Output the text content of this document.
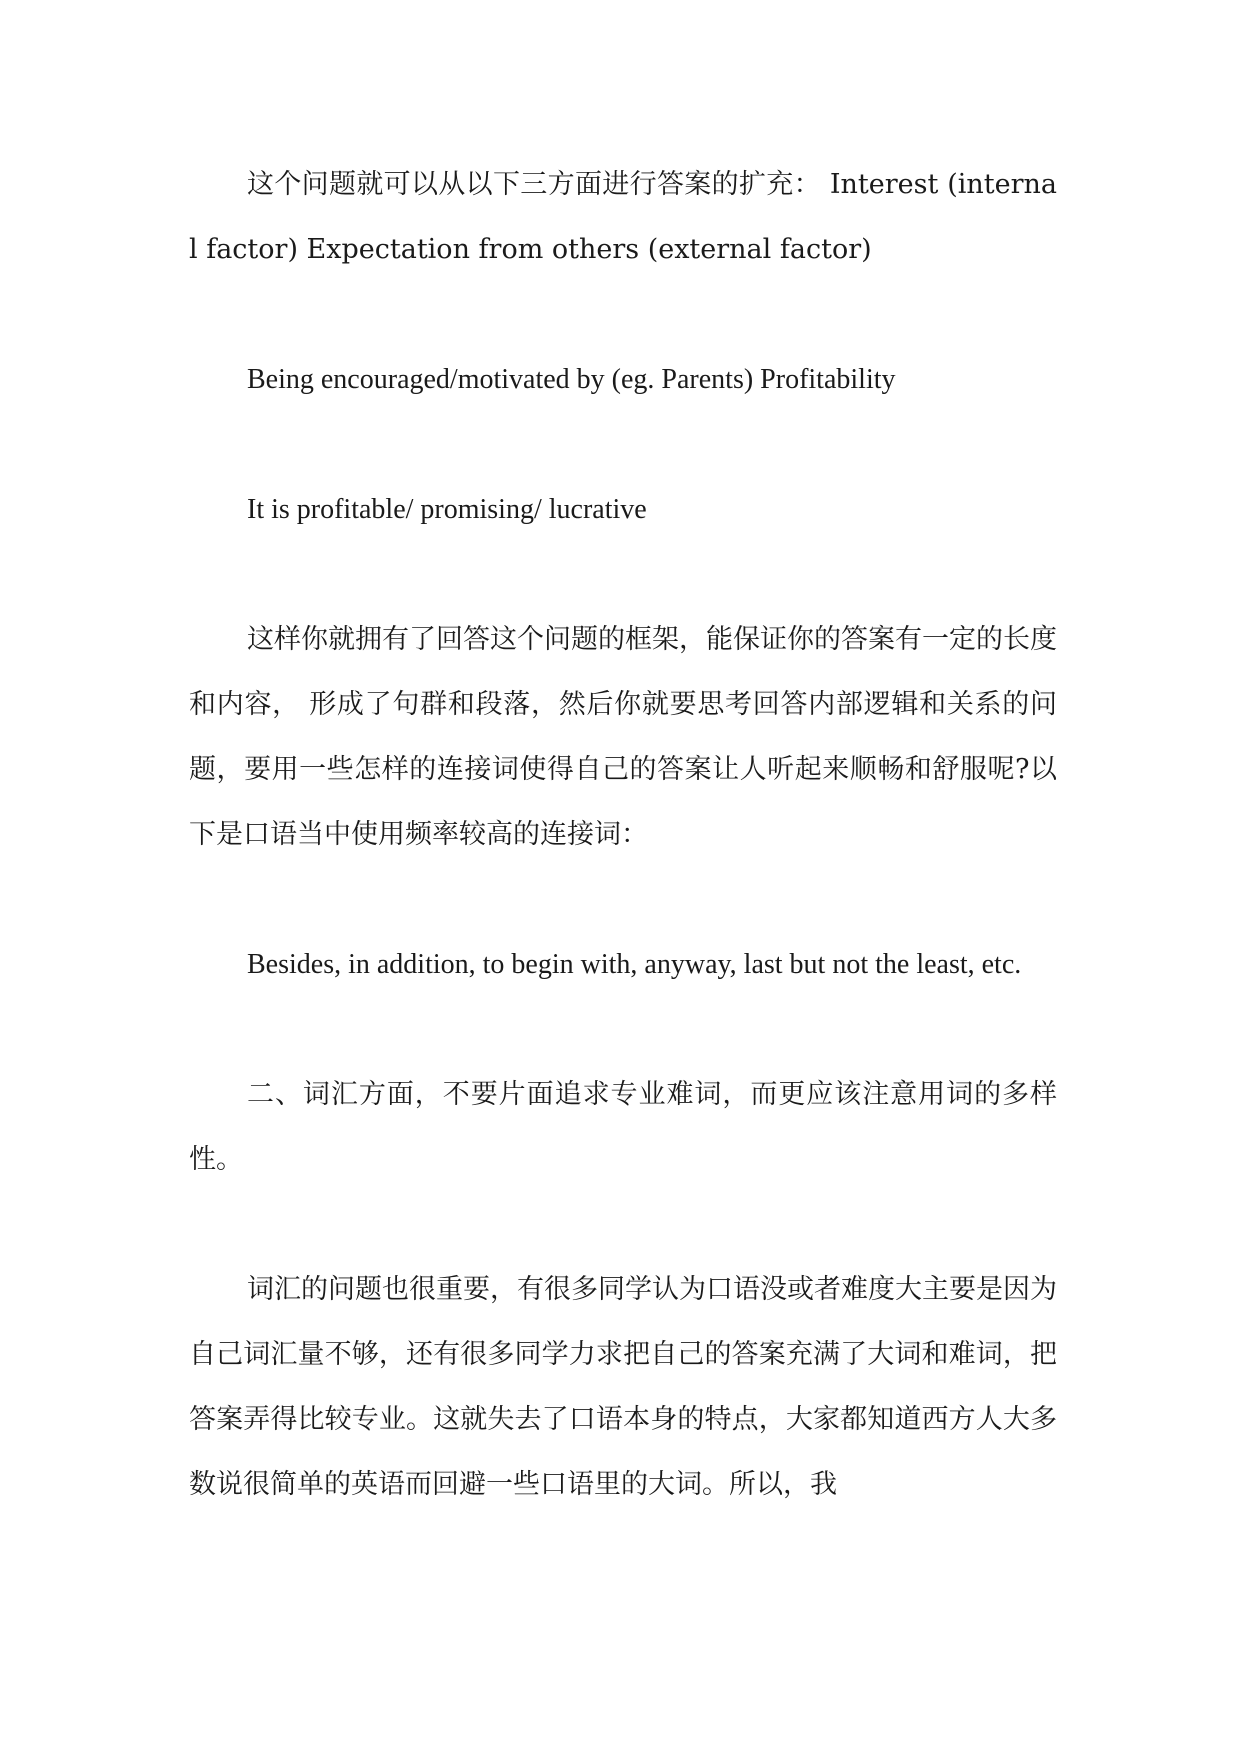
这个问题就可以从以下三方面进行答案的扩充： Interest (internal factor) Expectation from others (external factor)

Being encouraged/motivated by (eg. Parents) Profitability

It is profitable/ promising/ lucrative

这样你就拥有了回答这个问题的框架，能保证你的答案有一定的长度和内容， 形成了句群和段落，然后你就要思考回答内部逻辑和关系的问题，要用一些怎样的连接词使得自己的答案让人听起来顺畅和舒服呢?以下是口语当中使用频率较高的连接词：

Besides, in addition, to begin with, anyway, last but not the least, etc.

二、词汇方面，不要片面追求专业难词，而更应该注意用词的多样性。

词汇的问题也很重要，有很多同学认为口语没或者难度大主要是因为自己词汇量不够，还有很多同学力求把自己的答案充满了大词和难词，把答案弄得比较专业。这就失去了口语本身的特点，大家都知道西方人大多数说很简单的英语而回避一些口语里的大词。所以，我
